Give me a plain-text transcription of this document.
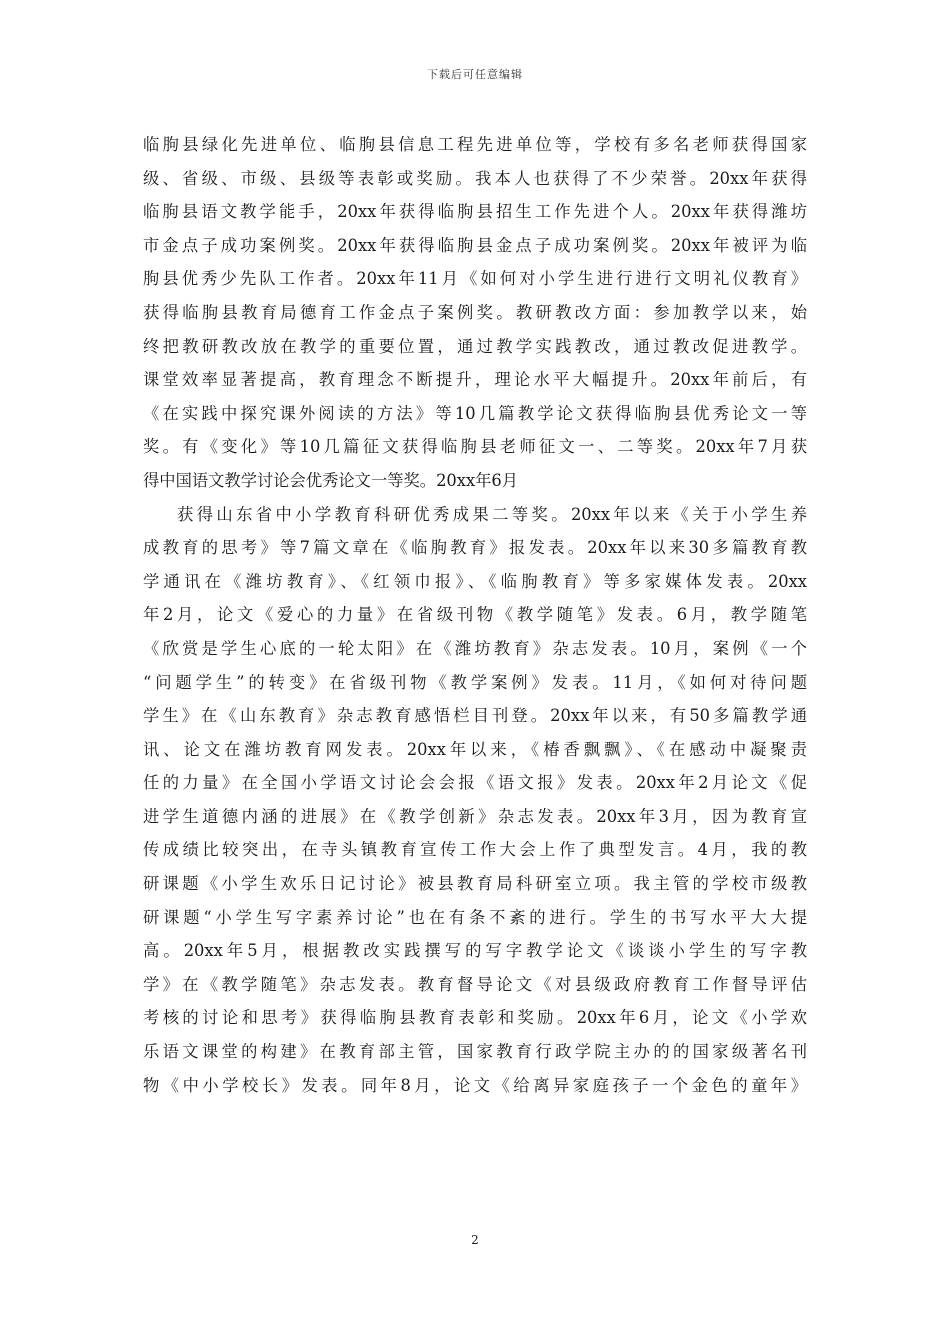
下载后可任意编辑
临朐县绿化先进单位、临朐县信息工程先进单位等，学校有多名老师获得国家
级、省级、市级、县级等表彰或奖励。我本人也获得了不少荣誉。20xx年获得
临朐县语文教学能手，20xx年获得临朐县招生工作先进个人。20xx年获得潍坊
市金点子成功案例奖。20xx年获得临朐县金点子成功案例奖。20xx年被评为临
朐县优秀少先队工作者。20xx年11月《如何对小学生进行进行文明礼仪教育》
获得临朐县教育局德育工作金点子案例奖。教研教改方面：参加教学以来，始
终把教研教改放在教学的重要位置，通过教学实践教改，通过教改促进教学。
课堂效率显著提高，教育理念不断提升，理论水平大幅提升。20xx年前后，有
《在实践中探究课外阅读的方法》等10几篇教学论文获得临朐县优秀论文一等
奖。有《变化》等10几篇征文获得临朐县老师征文一、二等奖。20xx年7月获
得中国语文教学讨论会优秀论文一等奖。20xx年6月
获得山东省中小学教育科研优秀成果二等奖。20xx年以来《关于小学生养
成教育的思考》等7篇文章在《临朐教育》报发表。20xx年以来30多篇教育教
学通讯在《潍坊教育》、《红领巾报》、《临朐教育》等多家媒体发表。20xx
年2月，论文《爱心的力量》在省级刊物《教学随笔》发表。6月，教学随笔
《欣赏是学生心底的一轮太阳》在《潍坊教育》杂志发表。10月，案例《一个
“问题学生”的转变》在省级刊物《教学案例》发表。11月，《如何对待问题
学生》在《山东教育》杂志教育感悟栏目刊登。20xx年以来，有50多篇教学通
讯、论文在潍坊教育网发表。20xx年以来，《椿香飘飘》、《在感动中凝聚责
任的力量》在全国小学语文讨论会会报《语文报》发表。20xx年2月论文《促
进学生道德内涵的进展》在《教学创新》杂志发表。20xx年3月，因为教育宣
传成绩比较突出，在寺头镇教育宣传工作大会上作了典型发言。4月，我的教
研课题《小学生欢乐日记讨论》被县教育局科研室立项。我主管的学校市级教
研课题“小学生写字素养讨论”也在有条不紊的进行。学生的书写水平大大提
高。20xx年5月，根据教改实践撰写的写字教学论文《谈谈小学生的写字教
学》在《教学随笔》杂志发表。教育督导论文《对县级政府教育工作督导评估
考核的讨论和思考》获得临朐县教育表彰和奖励。20xx年6月，论文《小学欢
乐语文课堂的构建》在教育部主管，国家教育行政学院主办的的国家级著名刊
物《中小学校长》发表。同年8月，论文《给离异家庭孩子一个金色的童年》
2
